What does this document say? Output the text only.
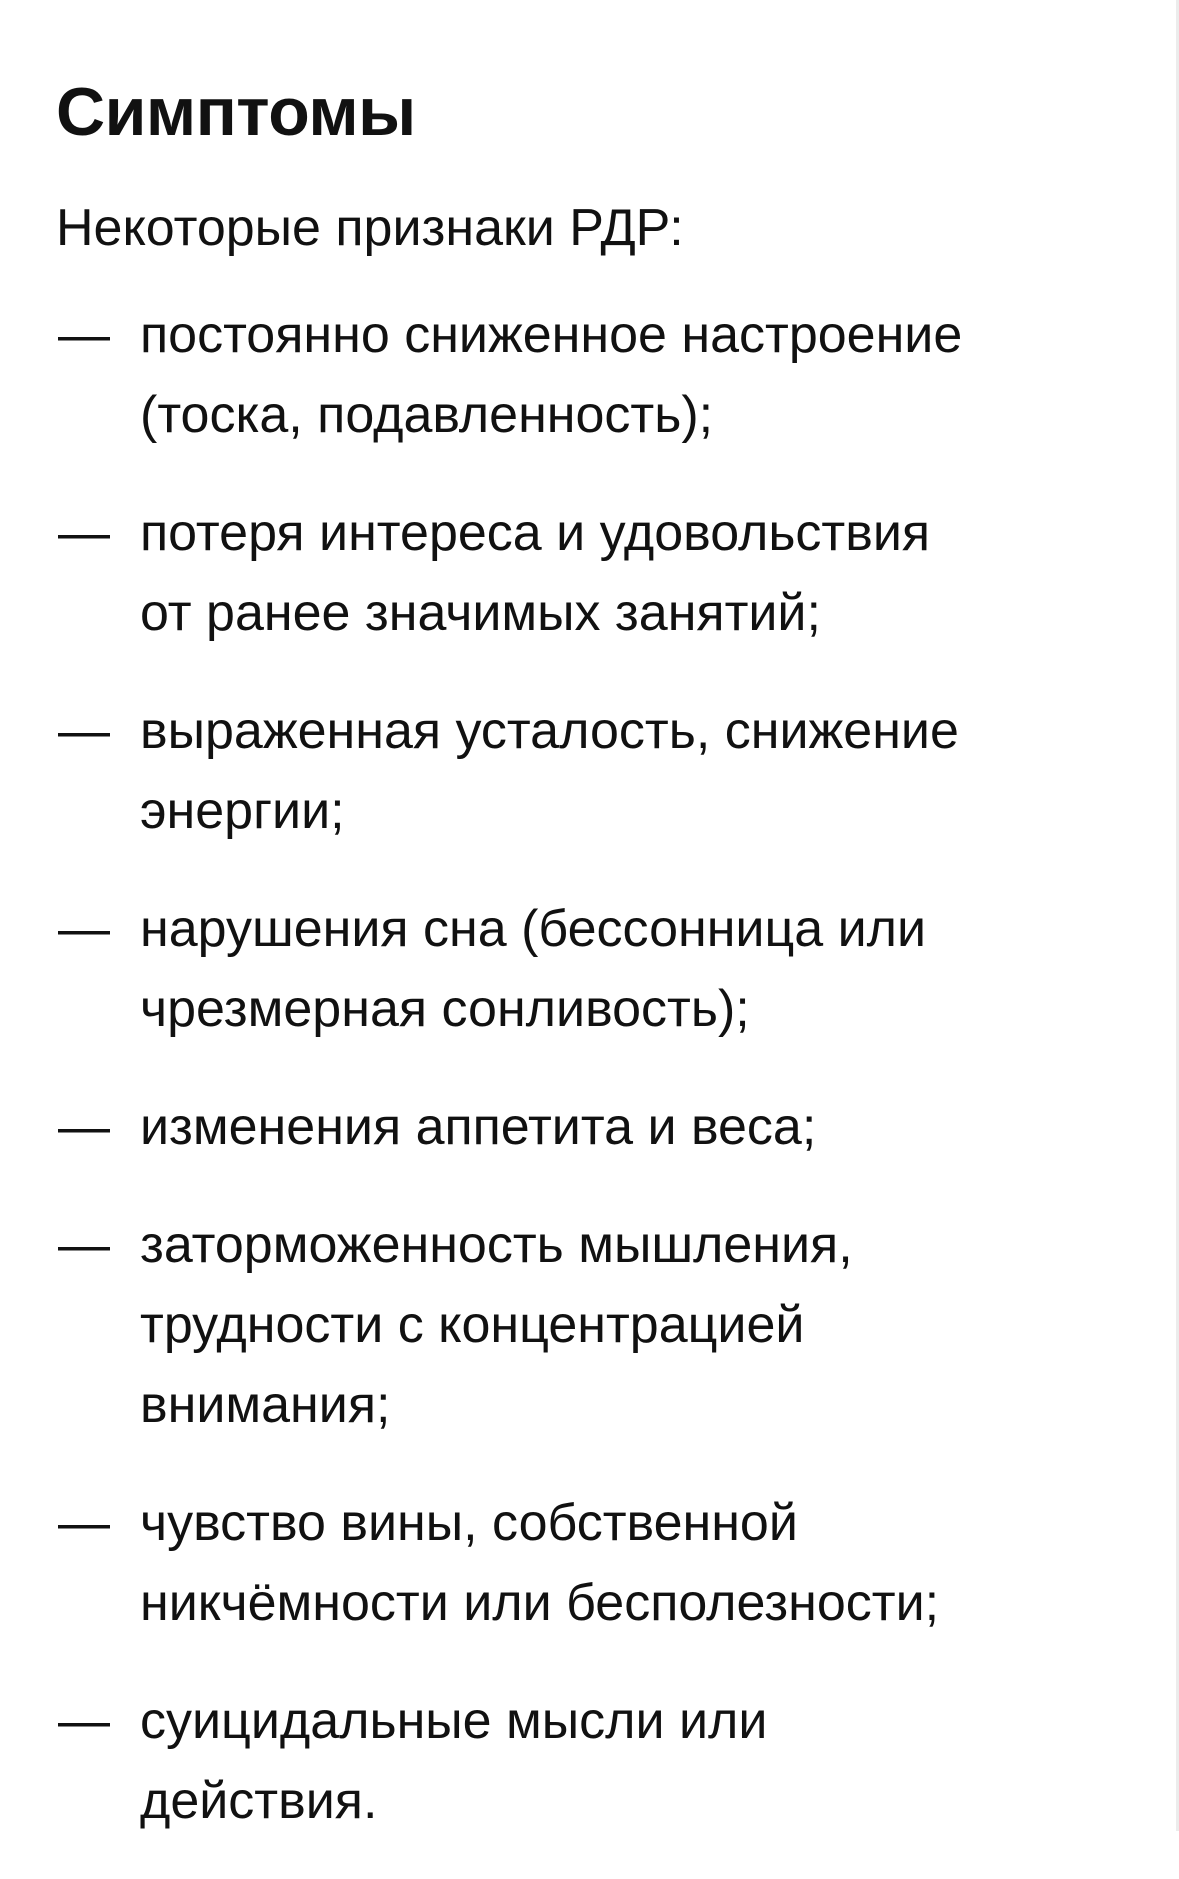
Симптомы

Некоторые признаки РДР:

— постоянно сниженное настроение
(тоска, подавленность);
— потеря интереса и удовольствия
от ранее значимых занятий;
— выраженная усталость, снижение
энергии;
— нарушения сна (бессонница или
чрезмерная сонливость);
— изменения аппетита и веса;
— заторможенность мышления,
трудности с концентрацией
внимания;
— чувство вины, собственной
никчёмности или бесполезности;
— суицидальные мысли или
действия.
